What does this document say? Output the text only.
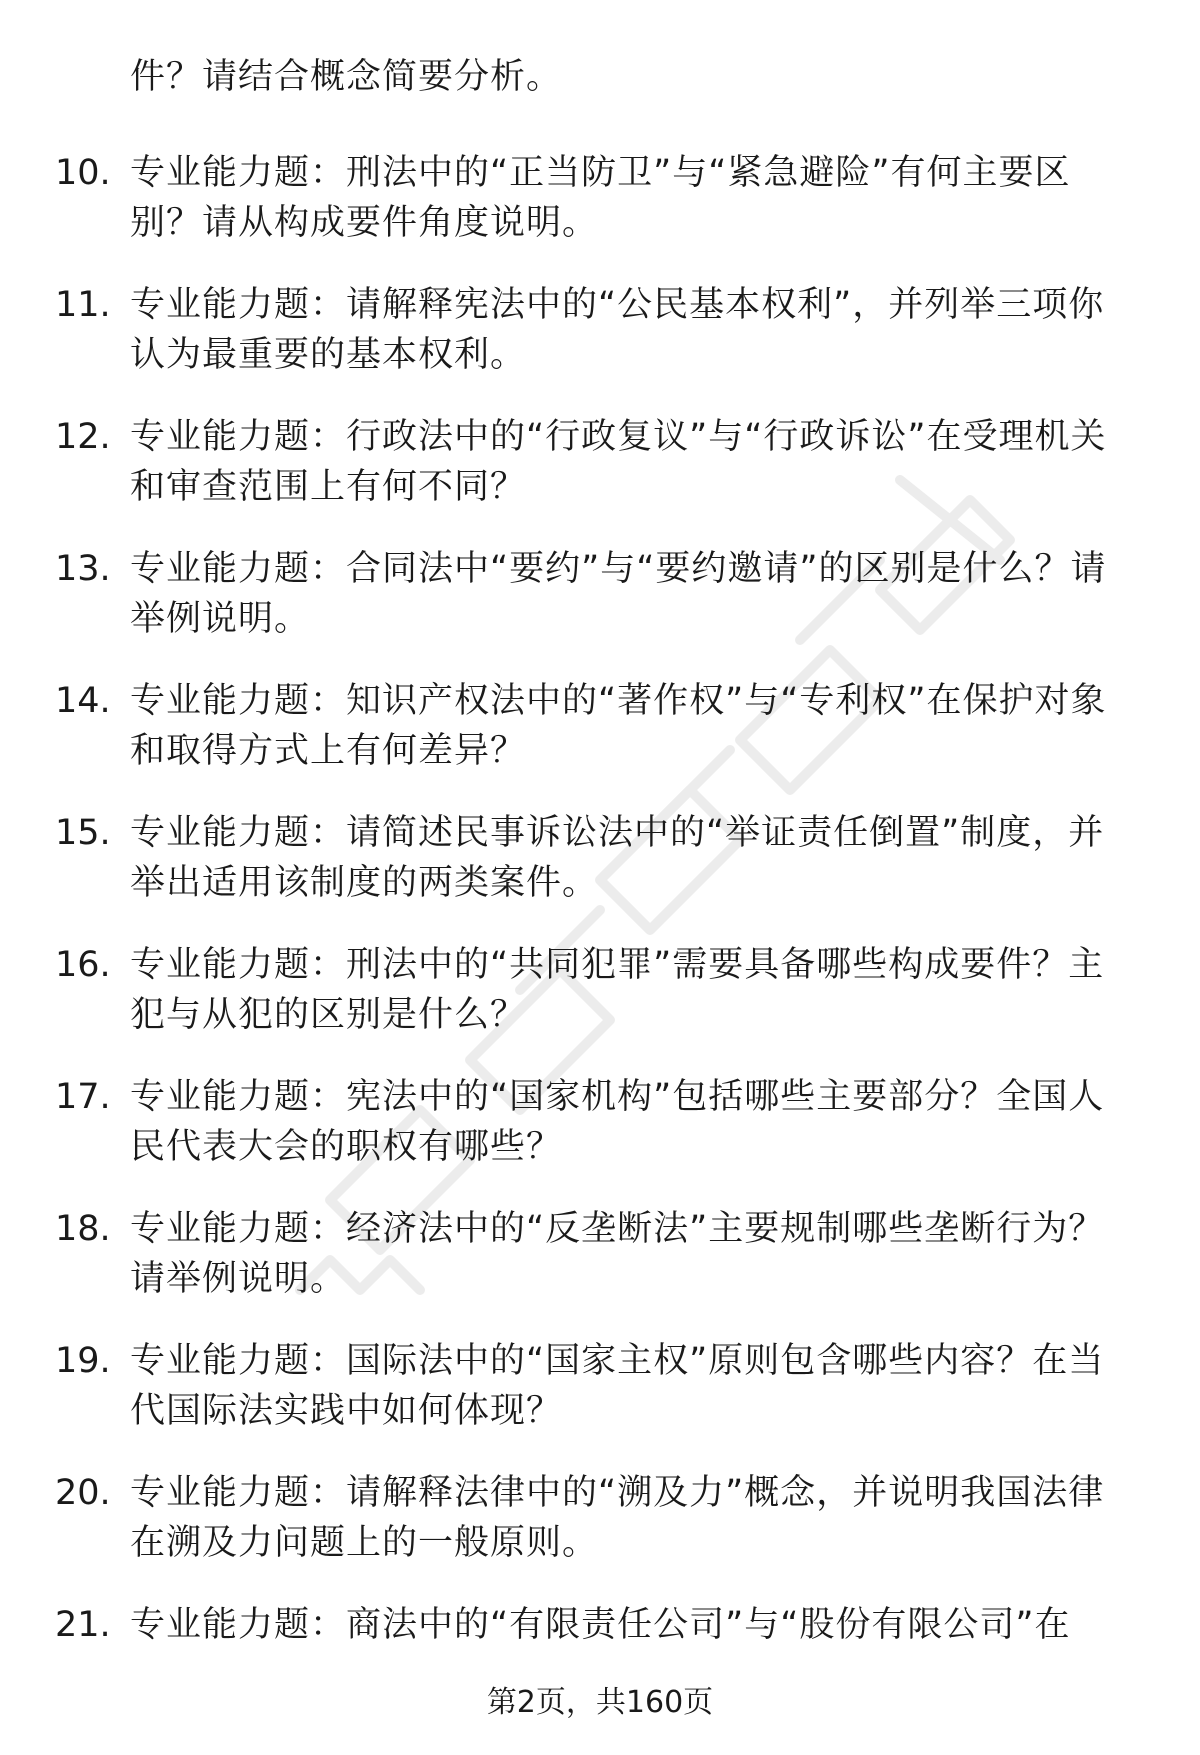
件？请结合概念简要分析。
10. 专业能力题：刑法中的“正当防卫”与“紧急避险”有何主要区别？请从构成要件角度说明。
11. 专业能力题：请解释宪法中的“公民基本权利”，并列举三项你认为最重要的基本权利。
12. 专业能力题：行政法中的“行政复议”与“行政诉讼”在受理机关和审查范围上有何不同？
13. 专业能力题：合同法中“要约”与“要约邀请”的区别是什么？请举例说明。
14. 专业能力题：知识产权法中的“著作权”与“专利权”在保护对象和取得方式上有何差异？
15. 专业能力题：请简述民事诉讼法中的“举证责任倒置”制度，并举出适用该制度的两类案件。
16. 专业能力题：刑法中的“共同犯罪”需要具备哪些构成要件？主犯与从犯的区别是什么？
17. 专业能力题：宪法中的“国家机构”包括哪些主要部分？全国人民代表大会的职权有哪些？
18. 专业能力题：经济法中的“反垄断法”主要规制哪些垄断行为？请举例说明。
19. 专业能力题：国际法中的“国家主权”原则包含哪些内容？在当代国际法实践中如何体现？
20. 专业能力题：请解释法律中的“溯及力”概念，并说明我国法律在溯及力问题上的一般原则。
21. 专业能力题：商法中的“有限责任公司”与“股份有限公司”在
第2页，共160页
